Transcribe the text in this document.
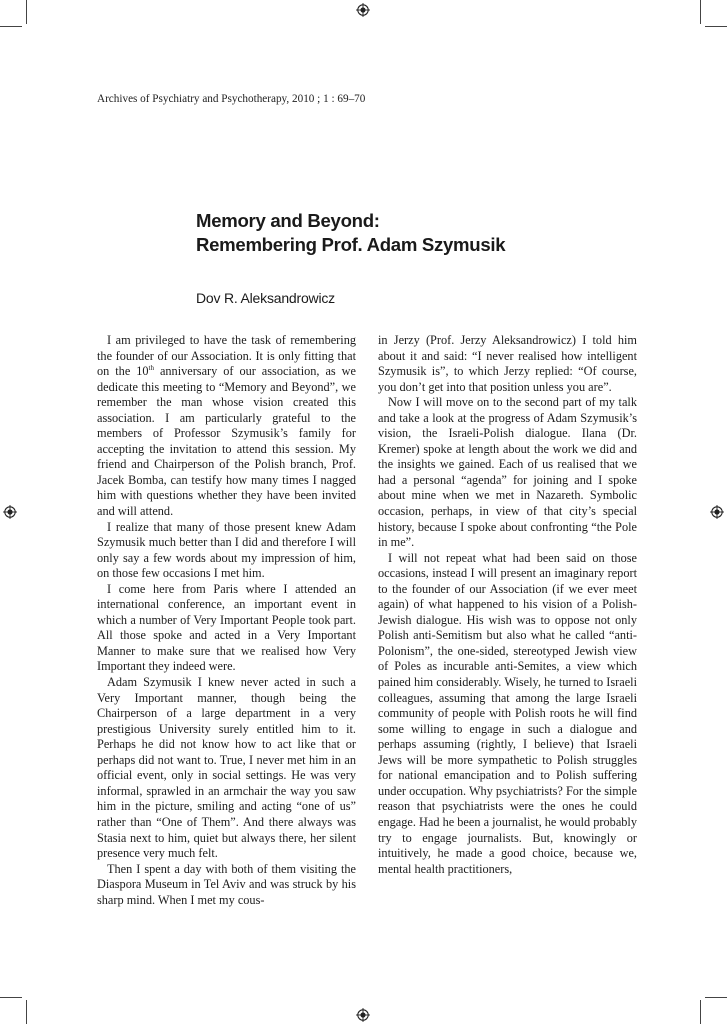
Archives of Psychiatry and Psychotherapy, 2010 ; 1 : 69–70
Memory and Beyond:
Remembering Prof. Adam Szymusik
Dov R. Aleksandrowicz

I am privileged to have the task of remembering the founder of our Association. It is only fitting that on the 10th anniversary of our association, as we dedicate this meeting to “Memory and Beyond”, we remember the man whose vision created this association. I am particularly grateful to the members of Professor Szymusik’s family for accepting the invitation to attend this session. My friend and Chairperson of the Polish branch, Prof. Jacek Bomba, can testify how many times I nagged him with questions whether they have been invited and will attend.

I realize that many of those present knew Adam Szymusik much better than I did and therefore I will only say a few words about my impression of him, on those few occasions I met him.

I come here from Paris where I attended an international conference, an important event in which a number of Very Important People took part. All those spoke and acted in a Very Important Manner to make sure that we realised how Very Important they indeed were.

Adam Szymusik I knew never acted in such a Very Important manner, though being the Chairperson of a large department in a very prestigious University surely entitled him to it. Perhaps he did not know how to act like that or perhaps did not want to. True, I never met him in an official event, only in social settings. He was very informal, sprawled in an armchair the way you saw him in the picture, smiling and acting “one of us” rather than “One of Them”. And there always was Stasia next to him, quiet but always there, her silent presence very much felt.

Then I spent a day with both of them visiting the Diaspora Museum in Tel Aviv and was struck by his sharp mind. When I met my cous-

in Jerzy (Prof. Jerzy Aleksandrowicz) I told him about it and said: “I never realised how intelligent Szymusik is”, to which Jerzy replied: “Of course, you don’t get into that position unless you are”.

Now I will move on to the second part of my talk and take a look at the progress of Adam Szymusik’s vision, the Israeli-Polish dialogue. Ilana (Dr. Kremer) spoke at length about the work we did and the insights we gained. Each of us realised that we had a personal “agenda” for joining and I spoke about mine when we met in Nazareth. Symbolic occasion, perhaps, in view of that city’s special history, because I spoke about confronting “the Pole in me”.

I will not repeat what had been said on those occasions, instead I will present an imaginary report to the founder of our Association (if we ever meet again) of what happened to his vision of a Polish-Jewish dialogue. His wish was to oppose not only Polish anti-Semitism but also what he called “anti-Polonism”, the one-sided, stereotyped Jewish view of Poles as incurable anti-Semites, a view which pained him considerably. Wisely, he turned to Israeli colleagues, assuming that among the large Israeli community of people with Polish roots he will find some willing to engage in such a dialogue and perhaps assuming (rightly, I believe) that Israeli Jews will be more sympathetic to Polish struggles for national emancipation and to Polish suffering under occupation. Why psychiatrists? For the simple reason that psychiatrists were the ones he could engage. Had he been a journalist, he would probably try to engage journalists. But, knowingly or intuitively, he made a good choice, because we, mental health practitioners,
